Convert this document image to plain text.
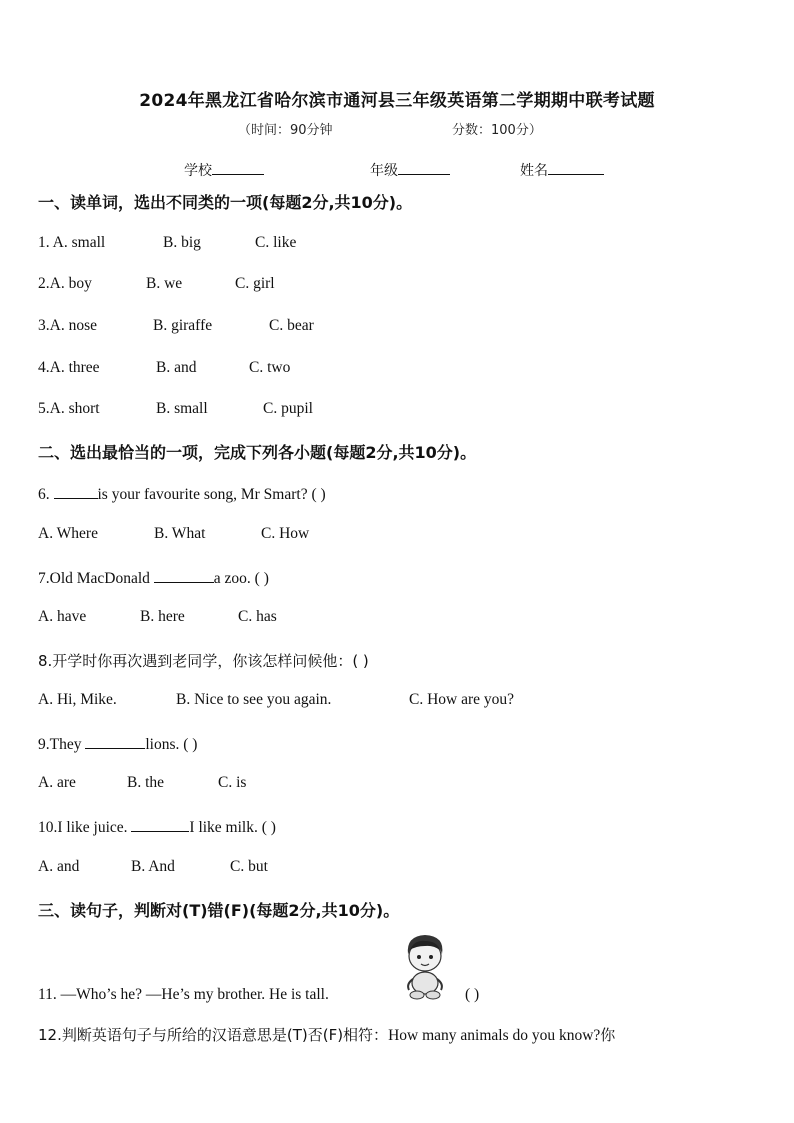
2024年黑龙江省哈尔滨市通河县三年级英语第二学期期中联考试题
（时间：90分钟	分数：100分）
学校	年级	姓名
一、读单词，选出不同类的一项(每题2分,共10分)。
1. A. small	B. big	C. like
2.A. boy	B. we	C. girl
3.A. nose	B. giraffe	C. bear
4.A. three	B. and	C. two
5.A. short	B. small	C. pupil
二、选出最恰当的一项，完成下列各小题(每题2分,共10分)。
6.	is your favourite song, Mr Smart? ( )
A. Where	B. What	C. How
7.Old MacDonald	a zoo. ( )
A. have	B. here	C. has
8.开学时你再次遇到老同学，你该怎样问候他：( )
A. Hi, Mike.	B. Nice to see you again.	C. How are you?
9.They	lions. ( )
A. are	B. the	C. is
10.I like juice.	I like milk. ( )
A. and	B. And	C. but
三、读句子，判断对(T)错(F)(每题2分,共10分)。
11. —Who’s he? —He’s my brother. He is tall.	( )
12.判断英语句子与所给的汉语意思是(T)否(F)相符：How many animals do you know?你
